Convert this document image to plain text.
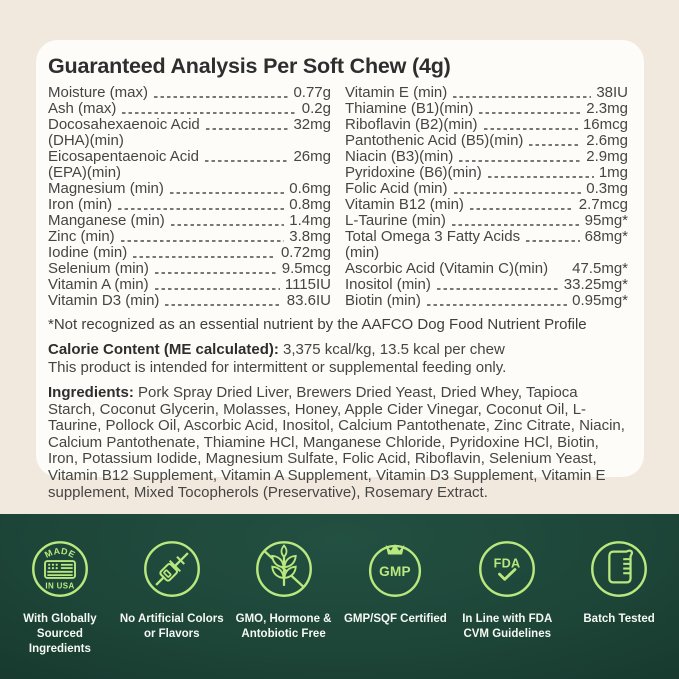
Guaranteed Analysis Per Soft Chew (4g)
Moisture (max)	0.77g
Ash (max)	0.2g
Docosahexaenoic Acid	32mg
(DHA)(min)
Eicosapentaenoic Acid	26mg
(EPA)(min)
Magnesium (min)	0.6mg
Iron (min)	0.8mg
Manganese (min)	1.4mg
Zinc (min)	3.8mg
Iodine (min)	0.72mg
Selenium (min)	9.5mcg
Vitamin A (min)	1115IU
Vitamin D3 (min)	83.6IU
Vitamin E (min)	38IU
Thiamine (B1)(min)	2.3mg
Riboflavin (B2)(min)	16mcg
Pantothenic Acid (B5)(min)	2.6mg
Niacin (B3)(min)	2.9mg
Pyridoxine (B6)(min)	1mg
Folic Acid (min)	0.3mg
Vitamin B12 (min)	2.7mcg
L-Taurine (min)	95mg*
Total Omega 3 Fatty Acids	68mg*
(min)
Ascorbic Acid (Vitamin C)(min) 47.5mg*
Inositol (min)	33.25mg*
Biotin (min)	0.95mg*

*Not recognized as an essential nutrient by the AAFCO Dog Food Nutrient Profile

Calorie Content (ME calculated): 3,375 kcal/kg, 13.5 kcal per chew

This product is intended for intermittent or supplemental feeding only.

Ingredients: Pork Spray Dried Liver, Brewers Dried Yeast, Dried Whey, Tapioca Starch, Coconut Glycerin, Molasses, Honey, Apple Cider Vinegar, Coconut Oil, L-Taurine, Pollock Oil, Ascorbic Acid, Inositol, Calcium Pantothenate, Zinc Citrate, Niacin, Calcium Pantothenate, Thiamine HCl, Manganese Chloride, Pyridoxine HCl, Biotin, Iron, Potassium Iodide, Magnesium Sulfate, Folic Acid, Riboflavin, Selenium Yeast, Vitamin B12 Supplement, Vitamin A Supplement, Vitamin D3 Supplement, Vitamin E supplement, Mixed Tocopherols (Preservative), Rosemary Extract.

MADE
IN USA
With Globally Sourced Ingredients
No Artificial Colors or Flavors
GMO, Hormone & Antobiotic Free
GMP
GMP/SQF Certified
FDA
In Line with FDA CVM Guidelines
Batch Tested
